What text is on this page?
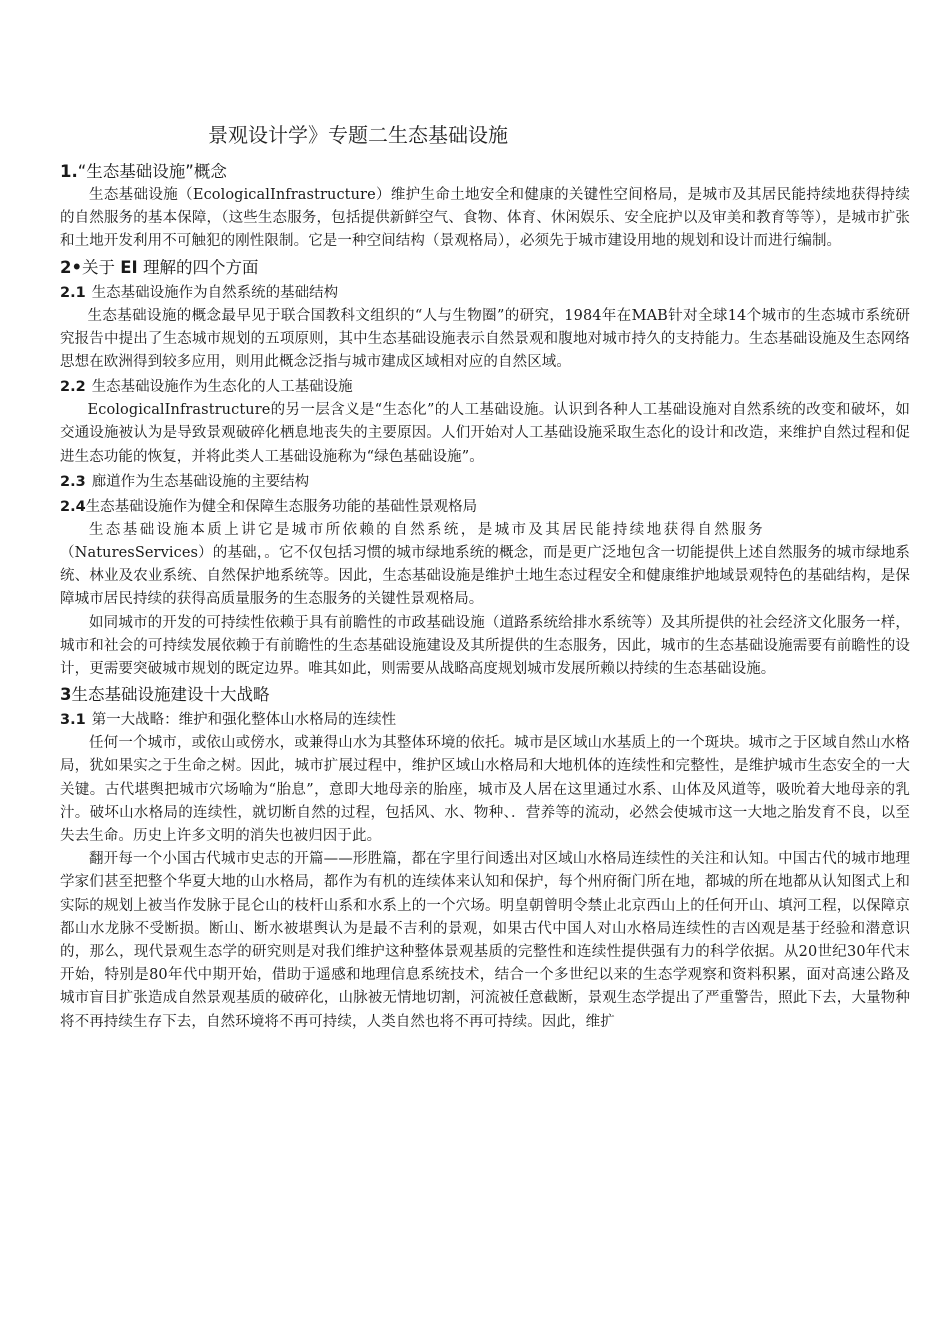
景观设计学》专题二生态基础设施
1.“生态基础设施”概念

生态基础设施（EcologicalInfrastructure）维护生命土地安全和健康的关键性空间格局，是城市及其居民能持续地获得持续的自然服务的基本保障，（这些生态服务，包括提供新鲜空气、食物、体育、休闲娱乐、安全庇护以及审美和教育等等），是城市扩张和土地开发利用不可触犯的刚性限制。它是一种空间结构（景观格局），必须先于城市建设用地的规划和设计而进行编制。

2•关于 EI 理解的四个方面
2.1 生态基础设施作为自然系统的基础结构

生态基础设施的概念最早见于联合国教科文组织的“人与生物圈”的研究，1984年在MAB针对全球14个城市的生态城市系统研究报告中提出了生态城市规划的五项原则，其中生态基础设施表示自然景观和腹地对城市持久的支持能力。生态基础设施及生态网络思想在欧洲得到较多应用，则用此概念泛指与城市建成区域相对应的自然区域。

2.2 生态基础设施作为生态化的人工基础设施

EcologicalInfrastructure的另一层含义是“生态化”的人工基础设施。认识到各种人工基础设施对自然系统的改变和破坏，如交通设施被认为是导致景观破碎化栖息地丧失的主要原因。人们开始对人工基础设施采取生态化的设计和改造，来维护自然过程和促进生态功能的恢复，并将此类人工基础设施称为“绿色基础设施”。

2.3 廊道作为生态基础设施的主要结构
2.4生态基础设施作为健全和保障生态服务功能的基础性景观格局

生态基础设施本质上讲它是城市所依赖的自然系统，是城市及其居民能持续地获得自然服务

（NaturesServices）的基础，。它不仅包括习惯的城市绿地系统的概念，而是更广泛地包含一切能提供上述自然服务的城市绿地系统、林业及农业系统、自然保护地系统等。因此，生态基础设施是维护土地生态过程安全和健康维护地域景观特色的基础结构，是保障城市居民持续的获得高质量服务的生态服务的关键性景观格局。

如同城市的开发的可持续性依赖于具有前瞻性的市政基础设施（道路系统给排水系统等）及其所提供的社会经济文化服务一样，城市和社会的可持续发展依赖于有前瞻性的生态基础设施建设及其所提供的生态服务，因此，城市的生态基础设施需要有前瞻性的设计，更需要突破城市规划的既定边界。唯其如此，则需要从战略高度规划城市发展所赖以持续的生态基础设施。

3生态基础设施建设十大战略
3.1 第一大战略：维护和强化整体山水格局的连续性

任何一个城市，或依山或傍水，或兼得山水为其整体环境的依托。城市是区域山水基质上的一个斑块。城市之于区域自然山水格局，犹如果实之于生命之树。因此，城市扩展过程中，维护区域山水格局和大地机体的连续性和完整性，是维护城市生态安全的一大关键。古代堪舆把城市穴场喻为“胎息”，意即大地母亲的胎座，城市及人居在这里通过水系、山体及风道等，吸吮着大地母亲的乳汁。破坏山水格局的连续性，就切断自然的过程，包括风、水、物种、．营养等的流动，必然会使城市这一大地之胎发育不良，以至失去生命。历史上许多文明的消失也被归因于此。

翻开每一个小国古代城市史志的开篇——形胜篇，都在字里行间透出对区域山水格局连续性的关注和认知。中国古代的城市地理学家们甚至把整个华夏大地的山水格局，都作为有机的连续体来认知和保护，每个州府衙门所在地，都城的所在地都从认知图式上和实际的规划上被当作发脉于昆仑山的枝杆山系和水系上的一个穴场。明皇朝曾明令禁止北京西山上的任何开山、填河工程，以保障京都山水龙脉不受断损。断山、断水被堪舆认为是最不吉利的景观，如果古代中国人对山水格局连续性的吉凶观是基于经验和潜意识的，那么，现代景观生态学的研究则是对我们维护这种整体景观基质的完整性和连续性提供强有力的科学依据。从20世纪30年代末开始，特别是80年代中期开始，借助于遥感和地理信息系统技术，结合一个多世纪以来的生态学观察和资料积累，面对高速公路及城市盲目扩张造成自然景观基质的破碎化，山脉被无情地切割，河流被任意截断，景观生态学提出了严重警告，照此下去，大量物种将不再持续生存下去，自然环境将不再可持续，人类自然也将不再可持续。因此，维扩
